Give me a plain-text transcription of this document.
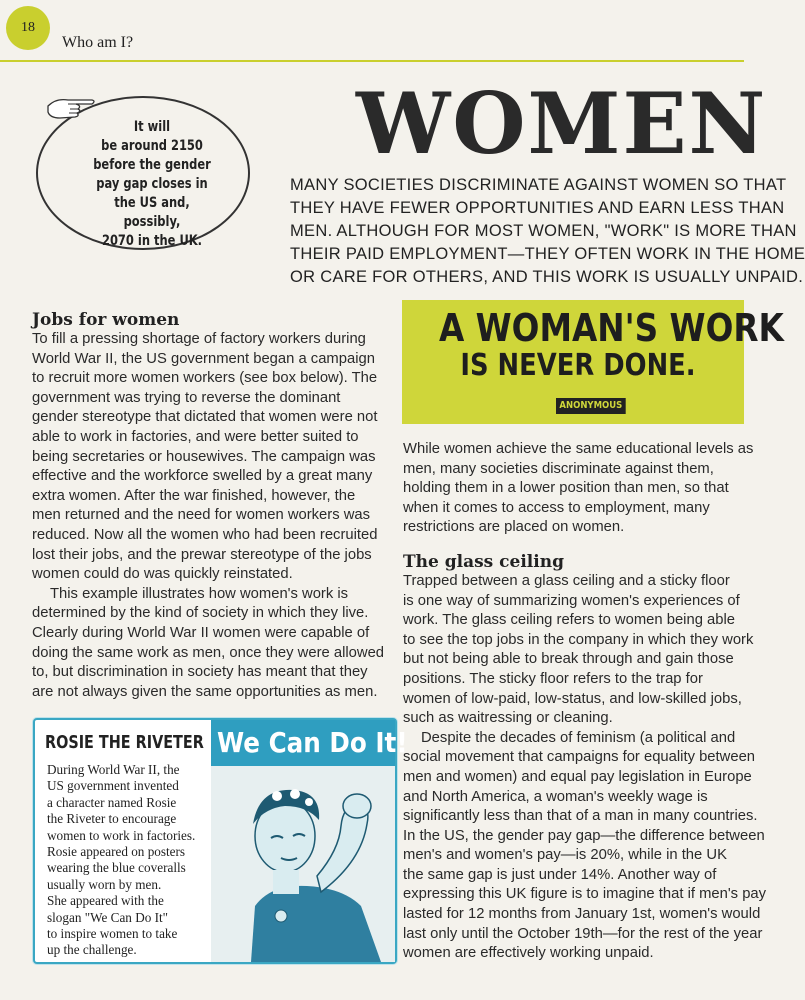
18
Who am I?
It will
be around 2150
before the gender
pay gap closes in
the US and, possibly,
2070 in the UK.
WOMEN
MANY SOCIETIES DISCRIMINATE AGAINST WOMEN SO THAT
THEY HAVE FEWER OPPORTUNITIES AND EARN LESS THAN
MEN. ALTHOUGH FOR MOST WOMEN, "WORK" IS MORE THAN
THEIR PAID EMPLOYMENT—THEY OFTEN WORK IN THE HOME
OR CARE FOR OTHERS, AND THIS WORK IS USUALLY UNPAID.
Jobs for women

To fill a pressing shortage of factory workers during World War II, the US government began a campaign to recruit more women workers (see box below). The government was trying to reverse the dominant gender stereotype that dictated that women were not able to work in factories, and were better suited to being secretaries or housewives. The campaign was effective and the workforce swelled by a great many extra women. After the war finished, however, the men returned and the need for women workers was reduced. Now all the women who had been recruited lost their jobs, and the prewar stereotype of the jobs women could do was quickly reinstated.

This example illustrates how women's work is determined by the kind of society in which they live. Clearly during World War II women were capable of doing the same work as men, once they were allowed to, but discrimination in society has meant that they are not always given the same opportunities as men.

ROSIE THE RIVETER
During World War II, the
US government invented
a character named Rosie
the Riveter to encourage
women to work in factories.
Rosie appeared on posters
wearing the blue coveralls
usually worn by men.
She appeared with the
slogan "We Can Do It"
to inspire women to take
up the challenge.
We Can Do It!
A WOMAN'S WORK
IS NEVER DONE.
ANONYMOUS
While women achieve the same educational levels as
men, many societies discriminate against them,
holding them in a lower position than men, so that
when it comes to access to employment, many
restrictions are placed on women.
The glass ceiling
Trapped between a glass ceiling and a sticky floor
is one way of summarizing women's experiences of
work. The glass ceiling refers to women being able
to see the top jobs in the company in which they work
but not being able to break through and gain those
positions. The sticky floor refers to the trap for
women of low-paid, low-status, and low-skilled jobs,
such as waitressing or cleaning.
Despite the decades of feminism (a political and
social movement that campaigns for equality between
men and women) and equal pay legislation in Europe
and North America, a woman's weekly wage is
significantly less than that of a man in many countries.
In the US, the gender pay gap—the difference between
men's and women's pay—is 20%, while in the UK
the same gap is just under 14%. Another way of
expressing this UK figure is to imagine that if men's pay
lasted for 12 months from January 1st, women's would
last only until the October 19th—for the rest of the year
women are effectively working unpaid.
